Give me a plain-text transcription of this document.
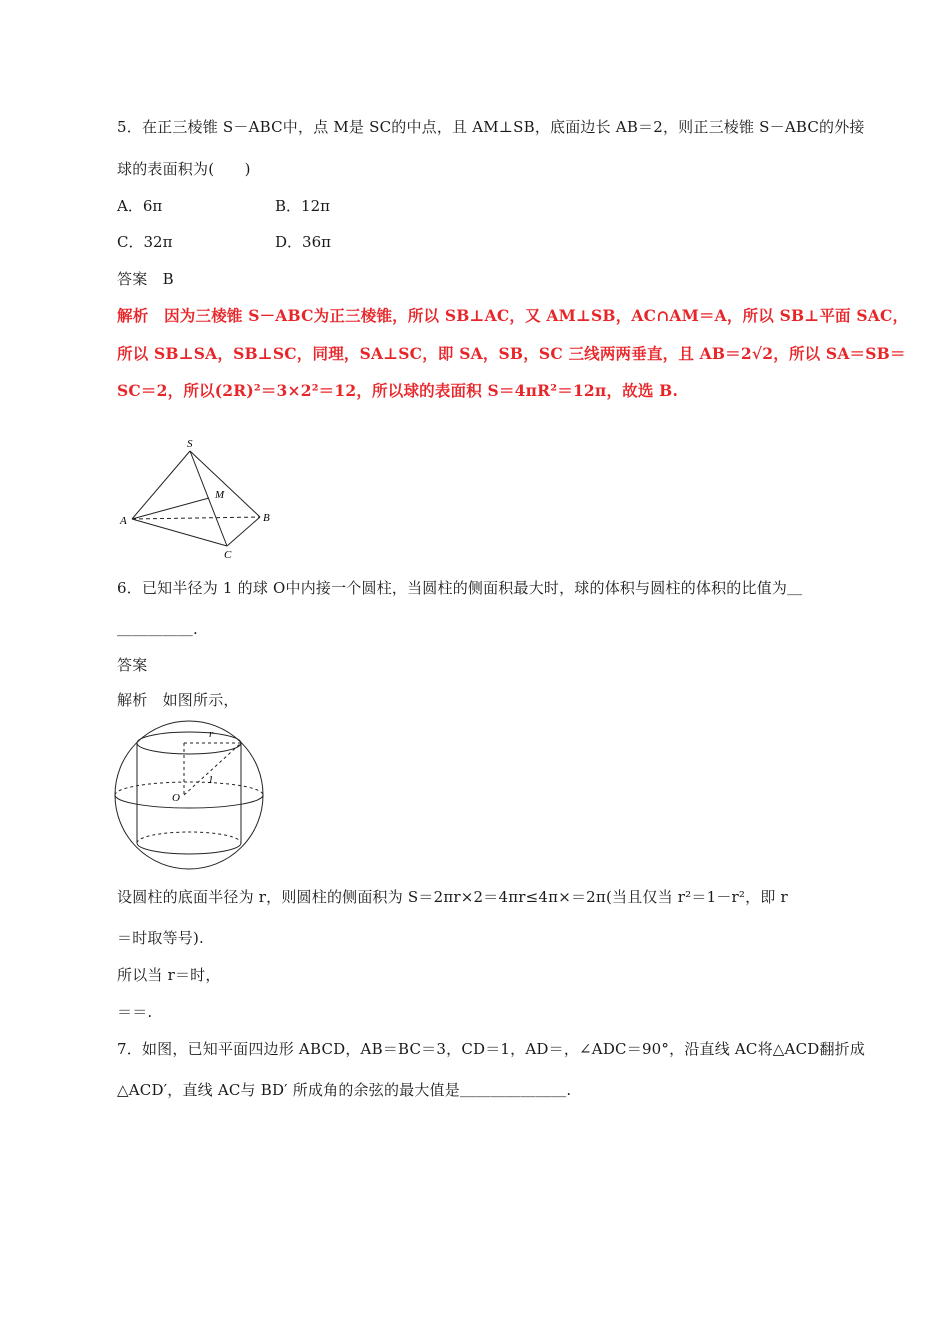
5．在正三棱锥 S－ABC中，点 M是 SC的中点，且 AM⊥SB，底面边长 AB＝2，则正三棱锥 S－ABC的外接
球的表面积为(　　)
A．6π	B．12π
C．32π	D．36π
答案　B
解析　因为三棱锥 S－ABC为正三棱锥，所以 SB⊥AC，又 AM⊥SB，AC∩AM＝A，所以 SB⊥平面 SAC，
所以 SB⊥SA，SB⊥SC，同理，SA⊥SC，即 SA，SB，SC 三线两两垂直，且 AB＝2√2，所以 SA＝SB＝
SC＝2，所以(2R)²＝3×2²＝12，所以球的表面积 S＝4πR²＝12π，故选 B.
S
A	B
C
M
6．已知半径为 1 的球 O中内接一个圆柱，当圆柱的侧面积最大时，球的体积与圆柱的体积的比值为＿
＿＿＿＿＿.
答案
解析　如图所示，
r
1
O
设圆柱的底面半径为 r，则圆柱的侧面积为 S＝2πr×2＝4πr≤4π×＝2π(当且仅当 r²＝1－r²，即 r
＝时取等号).
所以当 r＝时，
＝＝.
7．如图，已知平面四边形 ABCD，AB＝BC＝3，CD＝1，AD＝，∠ADC＝90°，沿直线 AC将△ACD翻折成
△ACD′，直线 AC与 BD′ 所成角的余弦的最大值是＿＿＿＿＿＿＿.
